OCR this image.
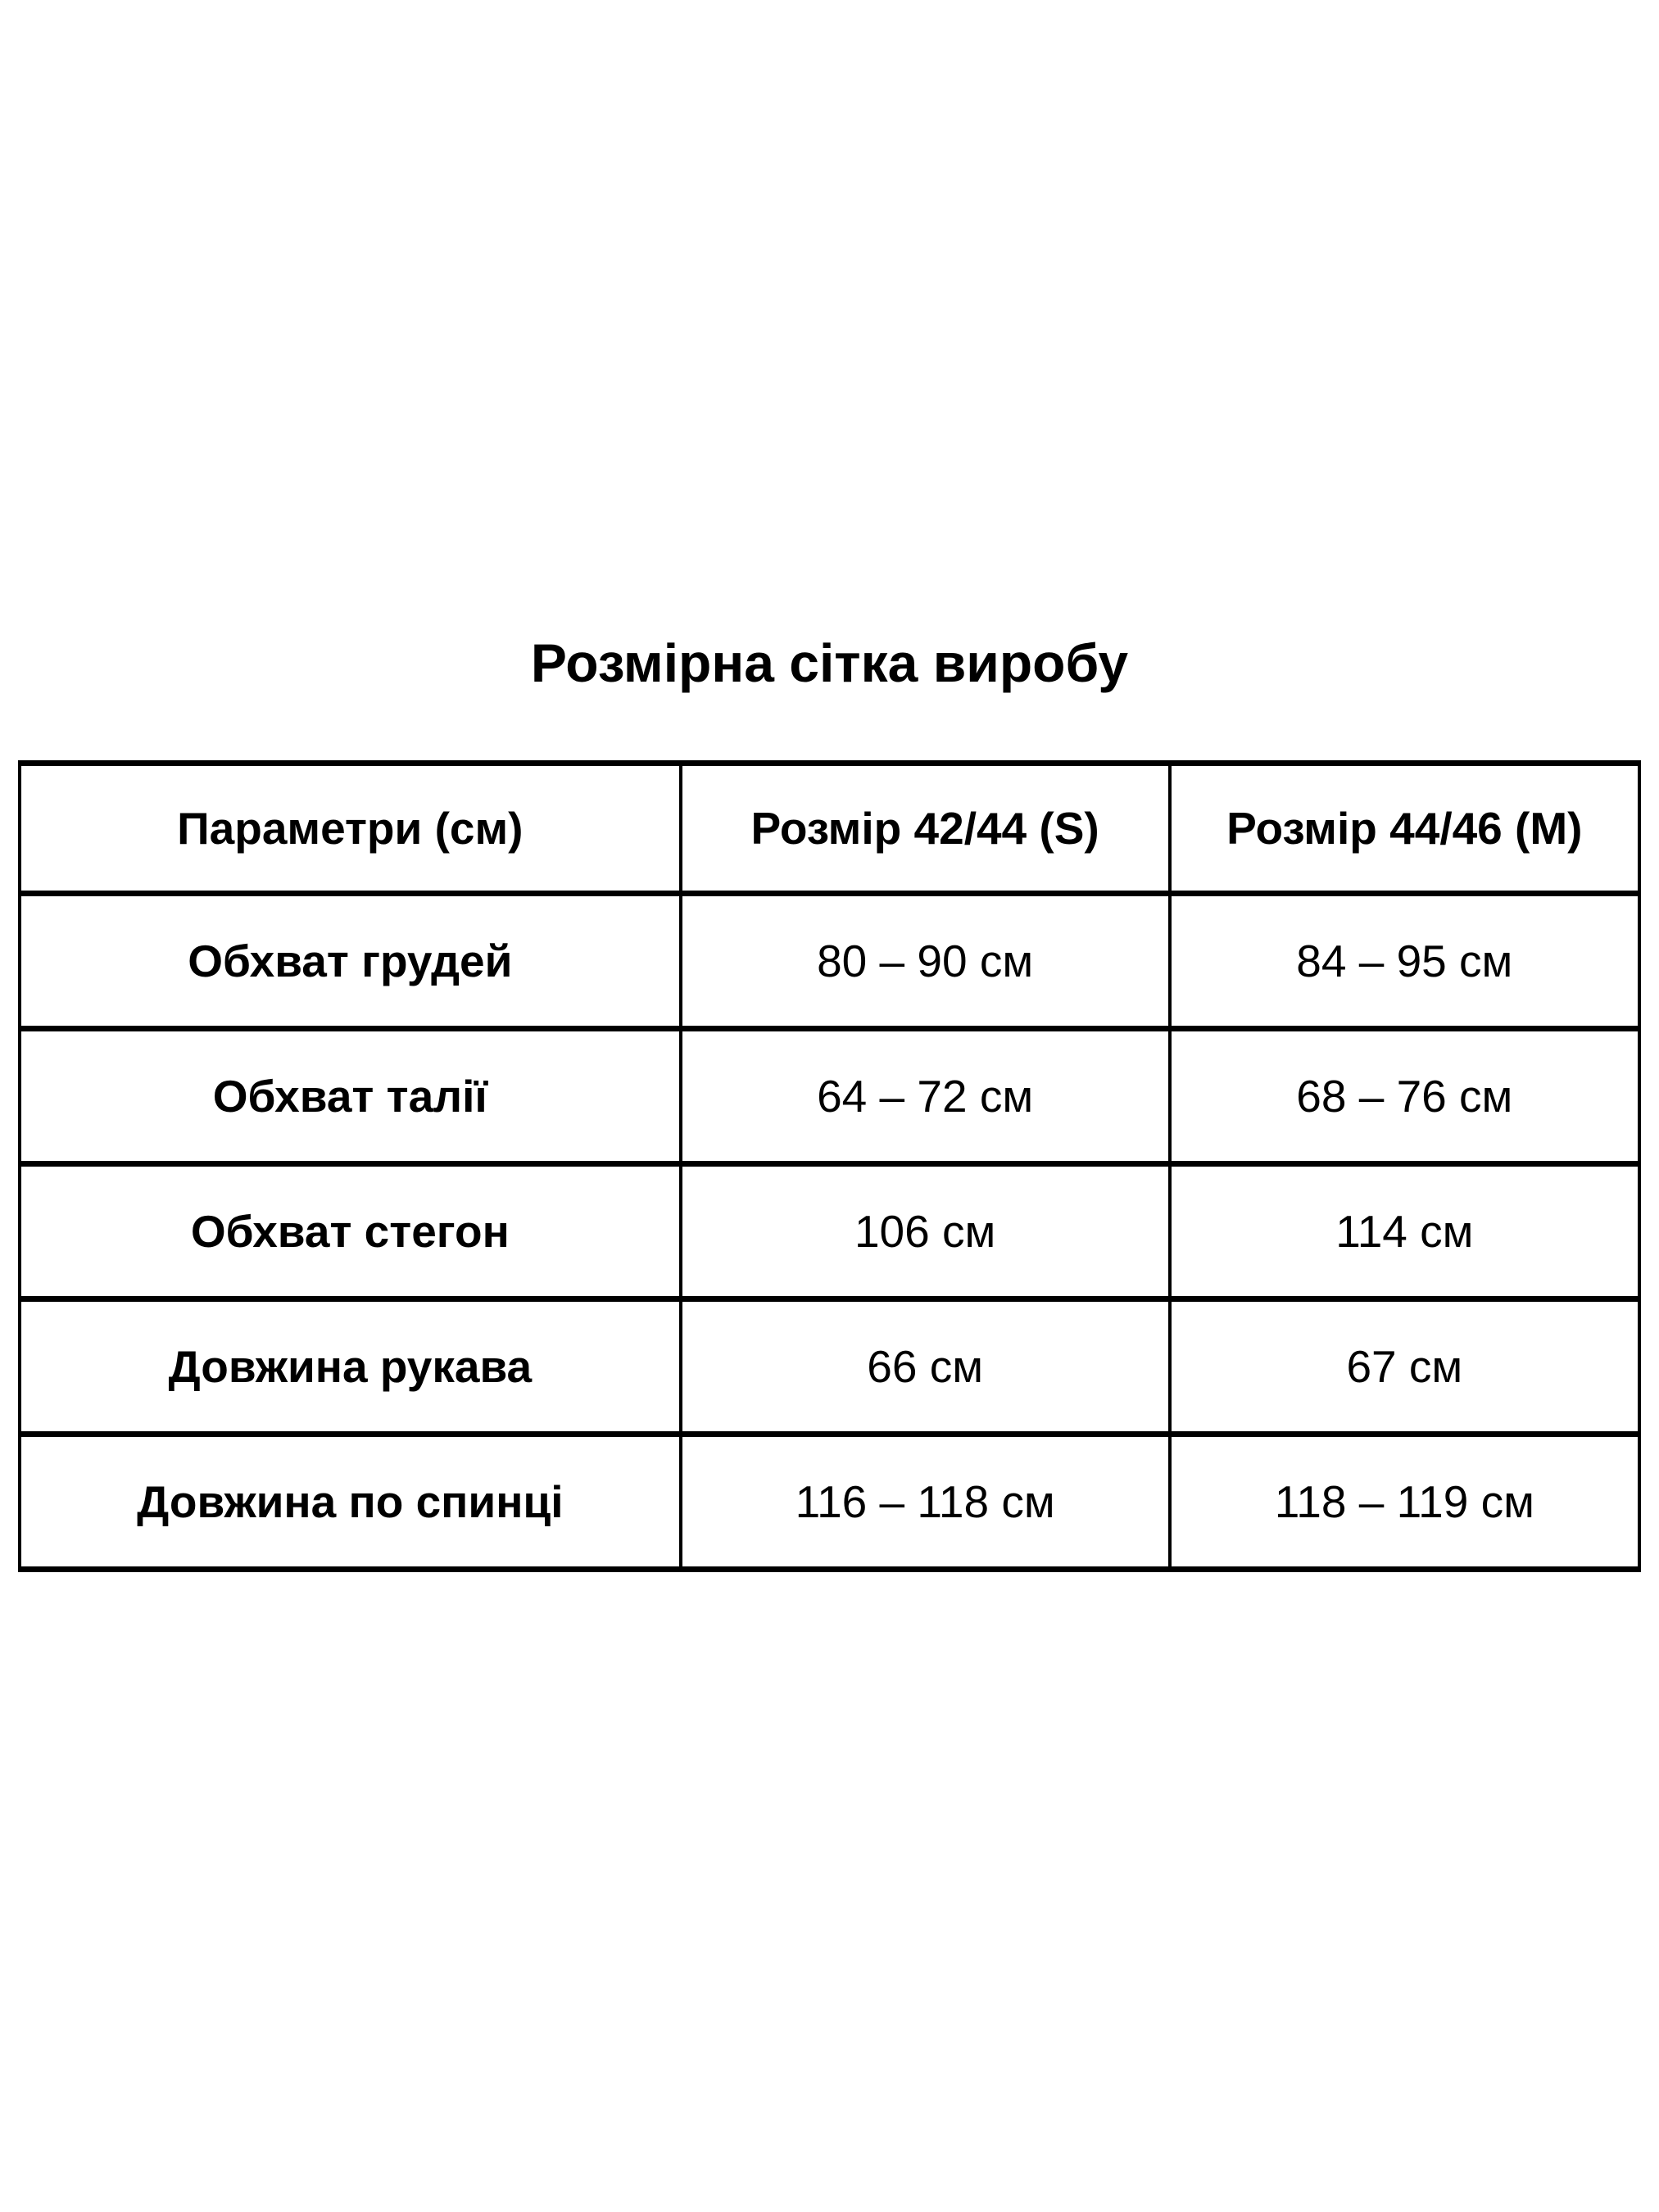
Розмірна сітка виробу
Параметри (см)	Розмір 42/44 (S)	Розмір 44/46 (M)
Обхват грудей	80 – 90 см	84 – 95 см
Обхват талії	64 – 72 см	68 – 76 см
Обхват стегон	106 см	114 см
Довжина рукава	66 см	67 см
Довжина по спинці	116 – 118 см	118 – 119 см
